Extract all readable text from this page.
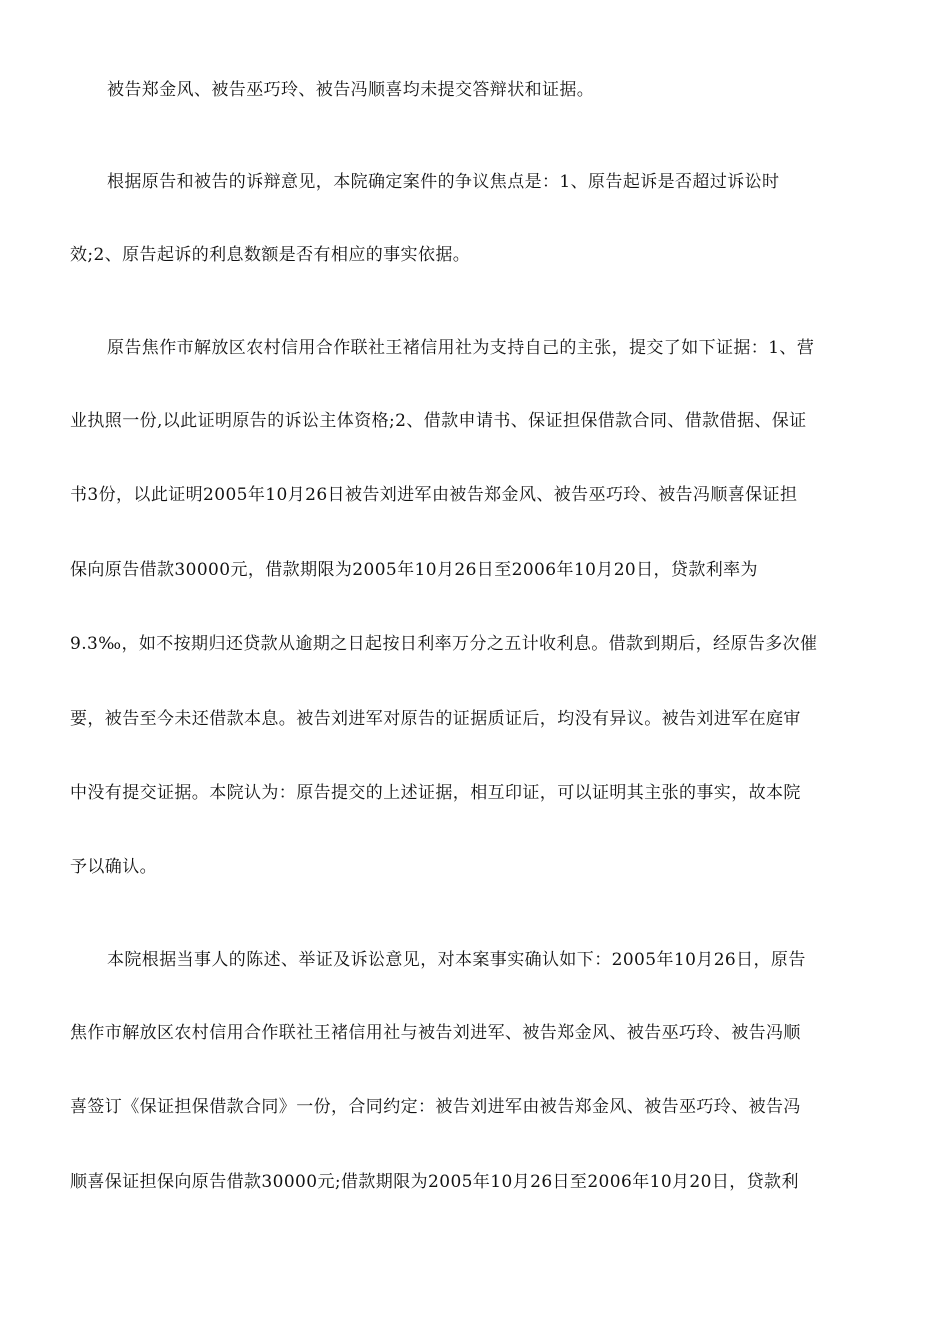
被告郑金风、被告巫巧玲、被告冯顺喜均未提交答辩状和证据。
根据原告和被告的诉辩意见，本院确定案件的争议焦点是：1、原告起诉是否超过诉讼时
效;2、原告起诉的利息数额是否有相应的事实依据。
原告焦作市解放区农村信用合作联社王褚信用社为支持自己的主张，提交了如下证据：1、营
业执照一份,以此证明原告的诉讼主体资格;2、借款申请书、保证担保借款合同、借款借据、保证
书3份，以此证明2005年10月26日被告刘进军由被告郑金风、被告巫巧玲、被告冯顺喜保证担
保向原告借款30000元，借款期限为2005年10月26日至2006年10月20日，贷款利率为
9.3‰，如不按期归还贷款从逾期之日起按日利率万分之五计收利息。借款到期后，经原告多次催
要，被告至今未还借款本息。被告刘进军对原告的证据质证后，均没有异议。被告刘进军在庭审
中没有提交证据。本院认为：原告提交的上述证据，相互印证，可以证明其主张的事实，故本院
予以确认。
本院根据当事人的陈述、举证及诉讼意见，对本案事实确认如下：2005年10月26日，原告
焦作市解放区农村信用合作联社王褚信用社与被告刘进军、被告郑金风、被告巫巧玲、被告冯顺
喜签订《保证担保借款合同》一份，合同约定：被告刘进军由被告郑金风、被告巫巧玲、被告冯
顺喜保证担保向原告借款30000元;借款期限为2005年10月26日至2006年10月20日，贷款利
